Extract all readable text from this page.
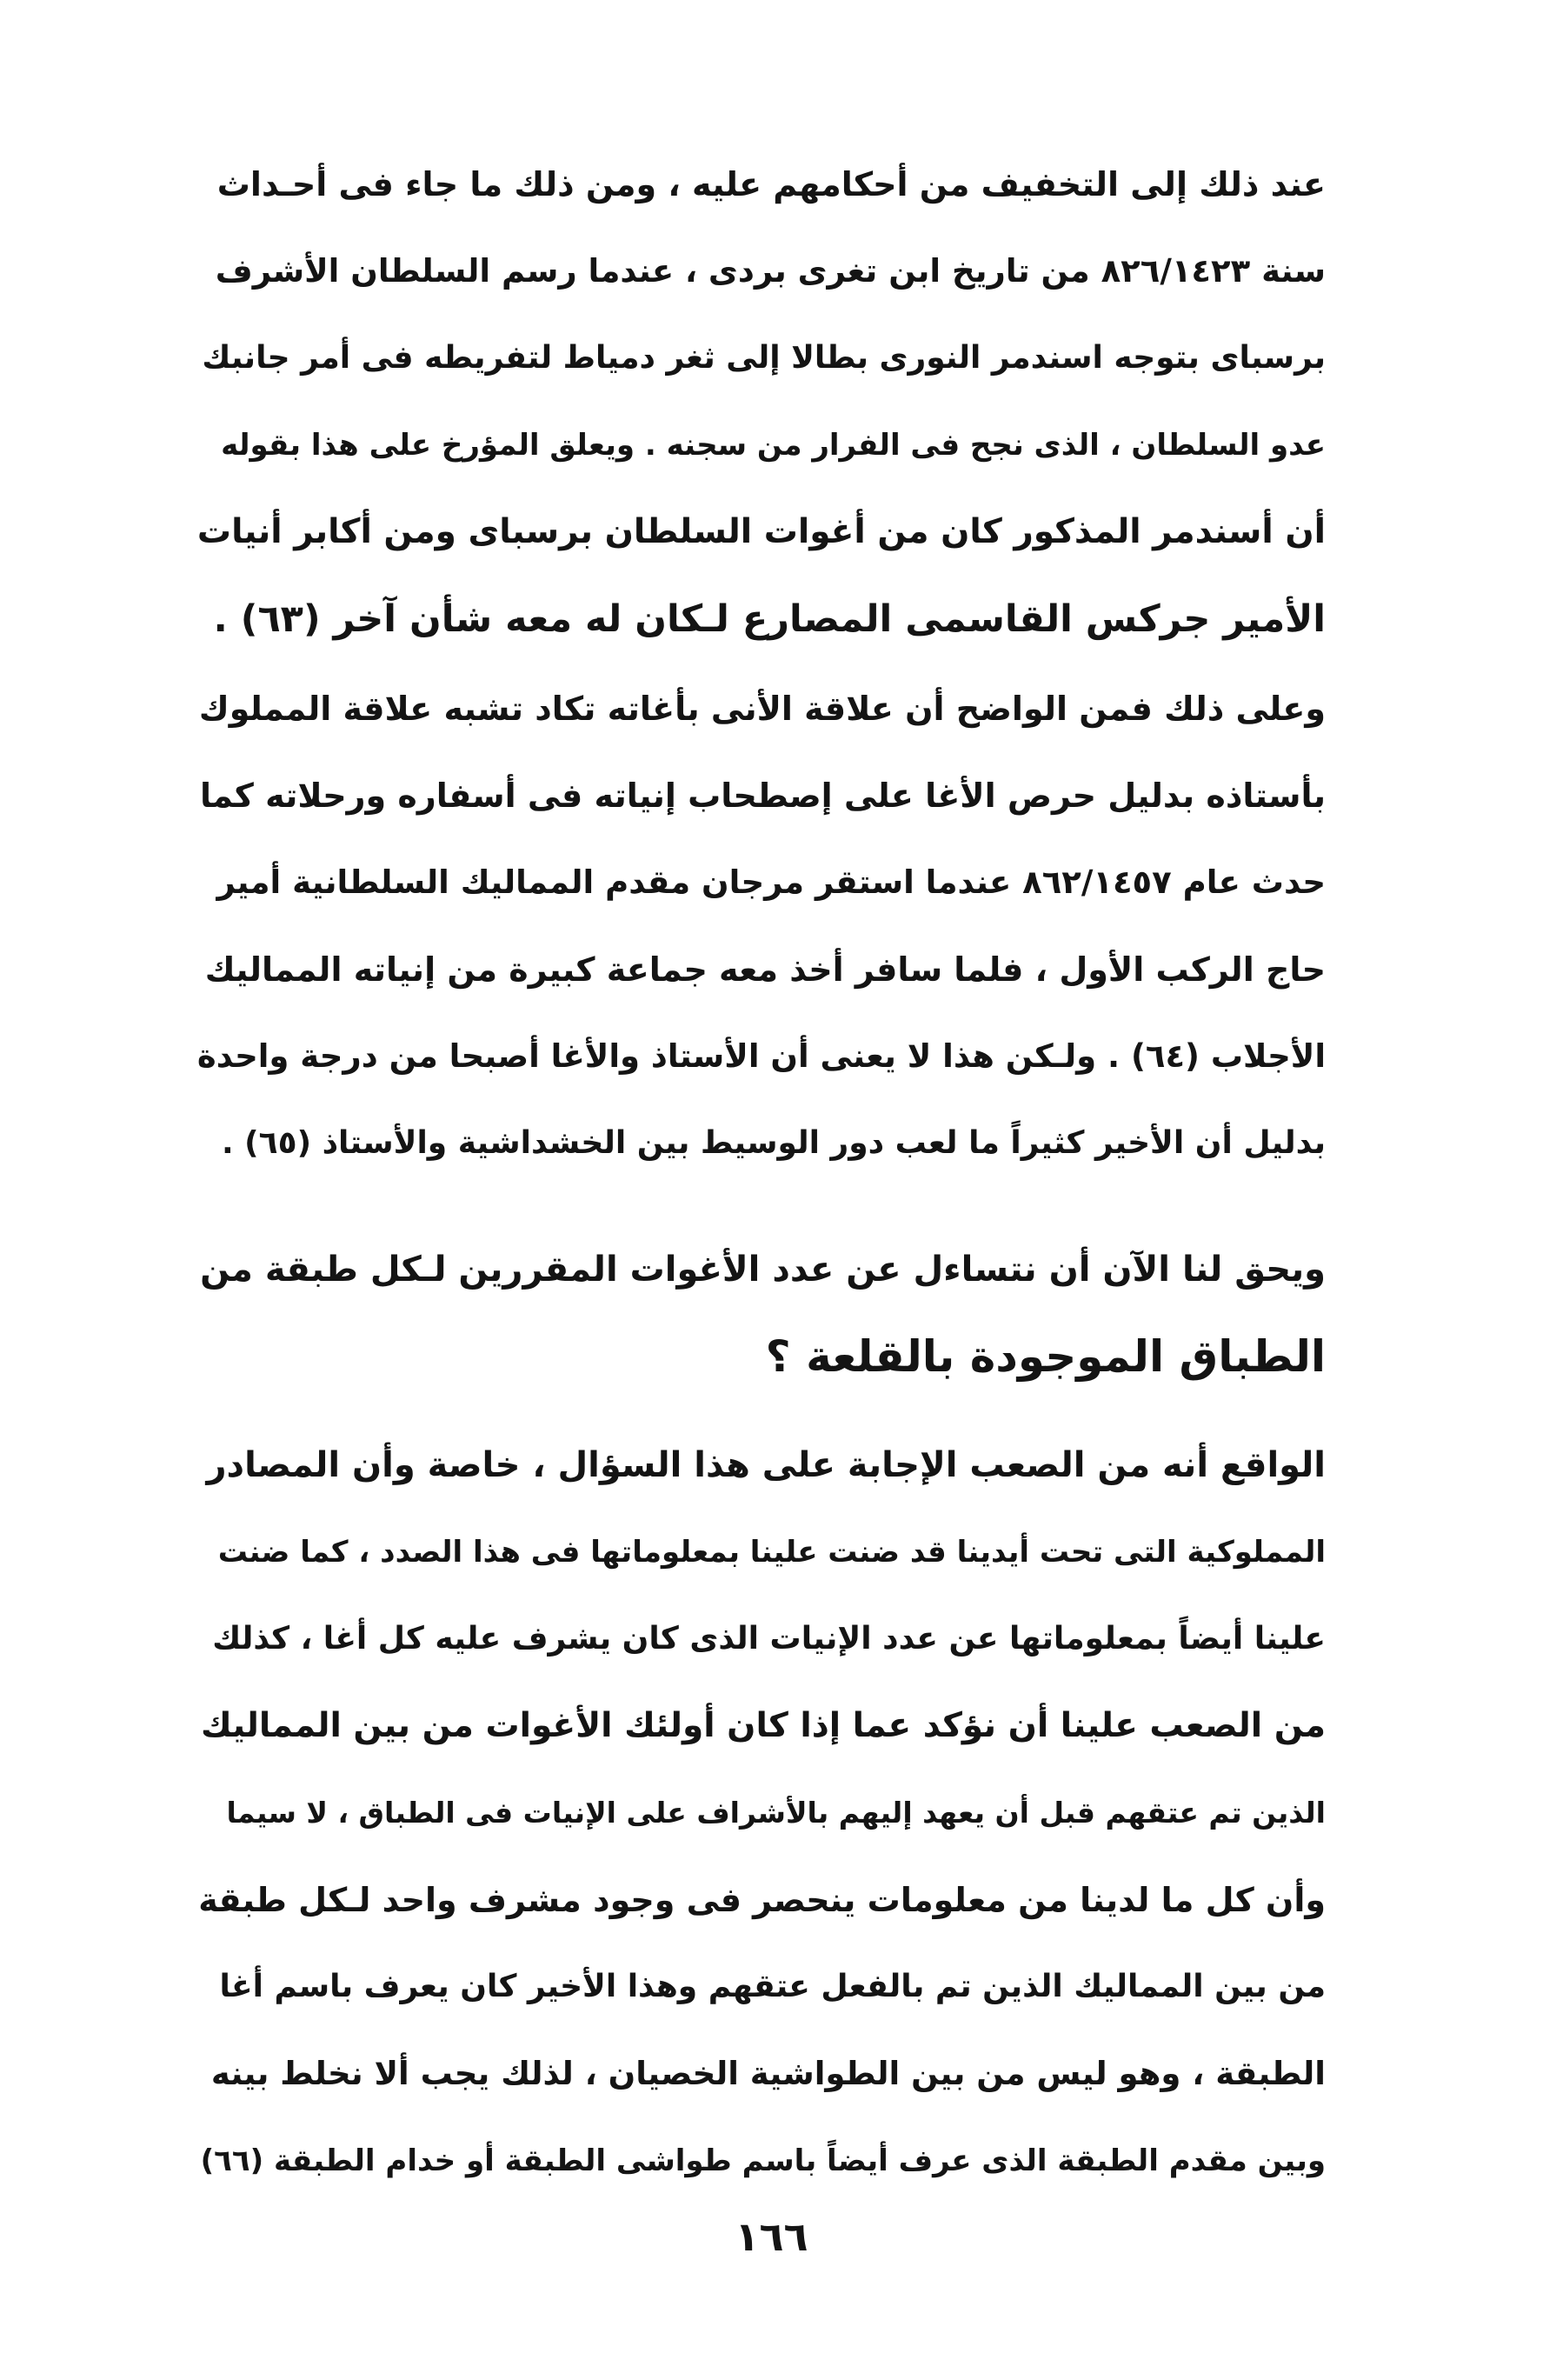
عند ذلك إلى التخفيف من أحكامهم عليه ، ومن ذلك ما جاء فى أحـداث
سنة ٨٢٦/١٤٢٣ من تاريخ ابن تغرى بردى ، عندما رسم السلطان الأشرف
برسباى بتوجه اسندمر النورى بطالا إلى ثغر دمياط لتفريطه فى أمر جانبك
عدو السلطان ، الذى نجح فى الفرار من سجنه . ويعلق المؤرخ على هذا بقوله
أن أسندمر المذكور كان من أغوات السلطان برسباى ومن أكابر أنيات
الأمير جركس القاسمى المصارع لـكان له معه شأن آخر (٦٣) .
وعلى ذلك فمن الواضح أن علاقة الأنى بأغاته تكاد تشبه علاقة المملوك
بأستاذه بدليل حرص الأغا على إصطحاب إنياته فى أسفاره ورحلاته كما
حدث عام ٨٦٢/١٤٥٧ عندما استقر مرجان مقدم المماليك السلطانية أمير
حاج الركب الأول ، فلما سافر أخذ معه جماعة كبيرة من إنياته المماليك
الأجلاب (٦٤) . ولـكن هذا لا يعنى أن الأستاذ والأغا أصبحا من درجة واحدة
بدليل أن الأخير كثيراً ما لعب دور الوسيط بين الخشداشية والأستاذ (٦٥) .
ويحق لنا الآن أن نتساءل عن عدد الأغوات المقررين لـكل طبقة من
الطباق الموجودة بالقلعة ؟
الواقع أنه من الصعب الإجابة على هذا السؤال ، خاصة وأن المصادر
المملوكية التى تحت أيدينا قد ضنت علينا بمعلوماتها فى هذا الصدد ، كما ضنت
علينا أيضاً بمعلوماتها عن عدد الإنيات الذى كان يشرف عليه كل أغا ، كذلك
من الصعب علينا أن نؤكد عما إذا كان أولئك الأغوات من بين المماليك
الذين تم عتقهم قبل أن يعهد إليهم بالأشراف على الإنيات فى الطباق ، لا سيما
وأن كل ما لدينا من معلومات ينحصر فى وجود مشرف واحد لـكل طبقة
من بين المماليك الذين تم بالفعل عتقهم وهذا الأخير كان يعرف باسم أغا
الطبقة ، وهو ليس من بين الطواشية الخصيان ، لذلك يجب ألا نخلط بينه
وبين مقدم الطبقة الذى عرف أيضاً باسم طواشى الطبقة أو خدام الطبقة (٦٦)
١٦٦
